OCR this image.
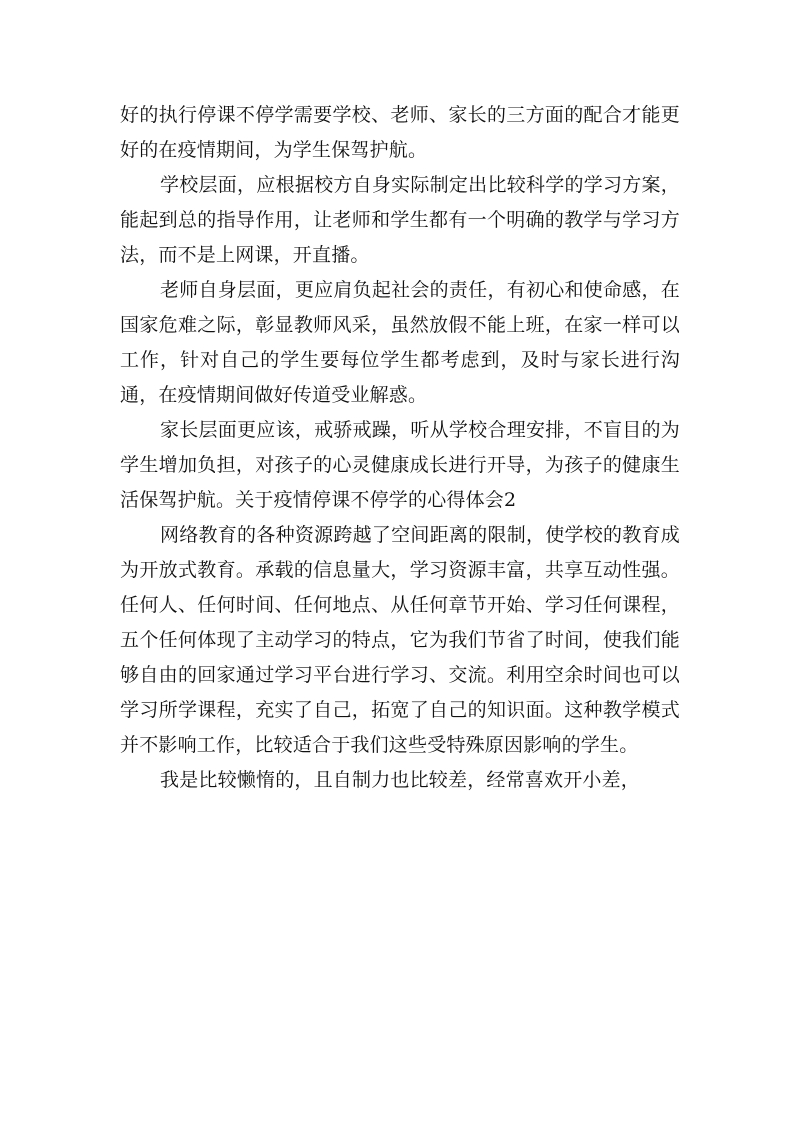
好的执行停课不停学需要学校、老师、家长的三方面的配合才能更好的在疫情期间，为学生保驾护航。

学校层面，应根据校方自身实际制定出比较科学的学习方案，能起到总的指导作用，让老师和学生都有一个明确的教学与学习方法，而不是上网课，开直播。

老师自身层面，更应肩负起社会的责任，有初心和使命感，在国家危难之际，彰显教师风采，虽然放假不能上班，在家一样可以工作，针对自己的学生要每位学生都考虑到，及时与家长进行沟通，在疫情期间做好传道受业解惑。

家长层面更应该，戒骄戒躁，听从学校合理安排，不盲目的为学生增加负担，对孩子的心灵健康成长进行开导，为孩子的健康生活保驾护航。关于疫情停课不停学的心得体会2

网络教育的各种资源跨越了空间距离的限制，使学校的教育成为开放式教育。承载的信息量大，学习资源丰富，共享互动性强。任何人、任何时间、任何地点、从任何章节开始、学习任何课程，五个任何体现了主动学习的特点，它为我们节省了时间，使我们能够自由的回家通过学习平台进行学习、交流。利用空余时间也可以学习所学课程，充实了自己，拓宽了自己的知识面。这种教学模式并不影响工作，比较适合于我们这些受特殊原因影响的学生。

我是比较懒惰的，且自制力也比较差，经常喜欢开小差，
